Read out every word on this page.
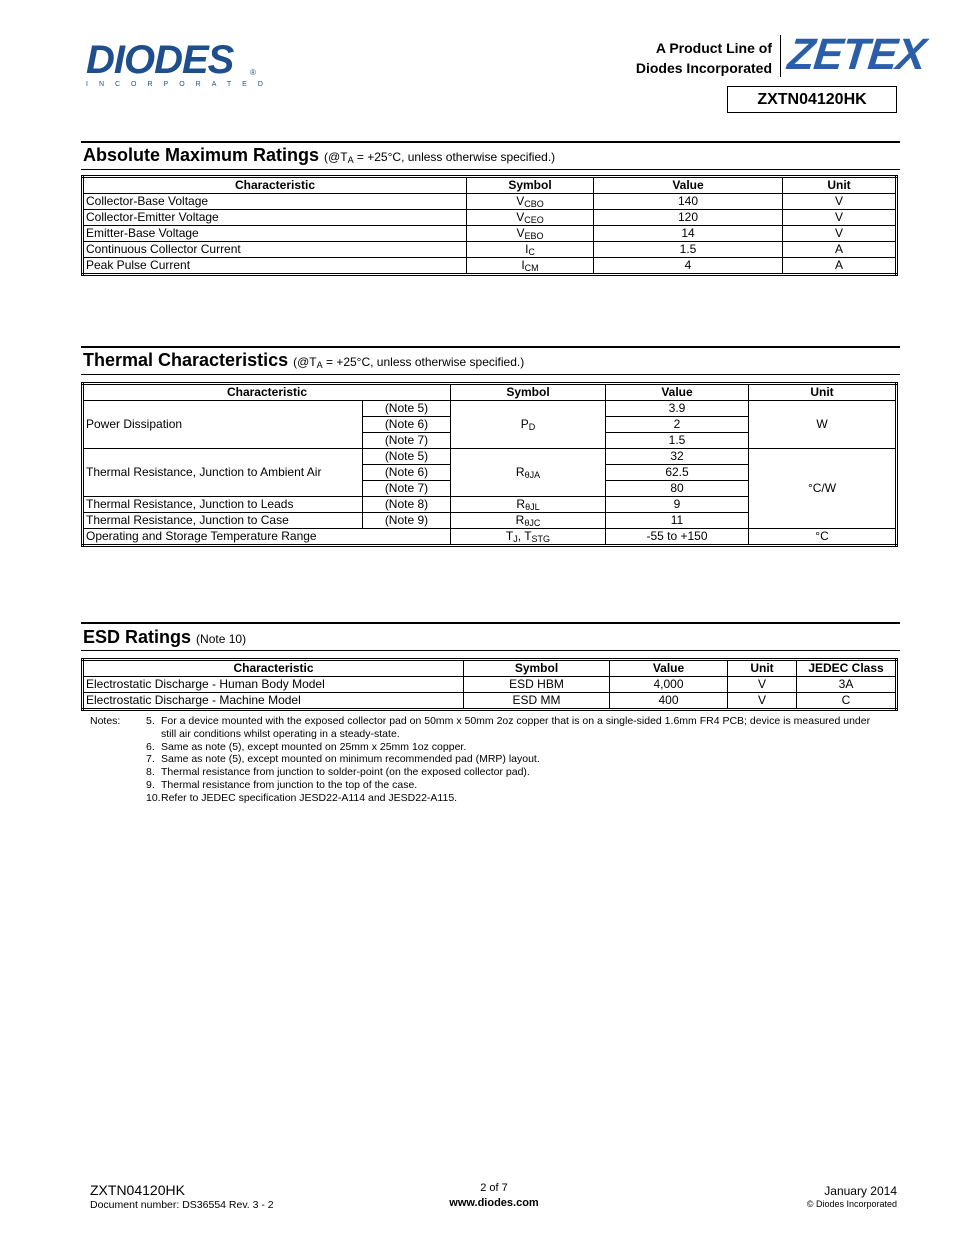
DIODES
INCORPORATED
®
A Product Line of
Diodes Incorporated ZETEX
ZXTN04120HK
Absolute Maximum Ratings ($@T_A = +25^\circ C$, unless otherwise specified.)
Characteristic	Symbol	Value	Unit
Collector-Base Voltage	$V_{CBO}$	140	V
Collector-Emitter Voltage	$V_{CEO}$	120	V
Emitter-Base Voltage	$V_{EBO}$	14	V
Continuous Collector Current	$I_C$	1.5	A
Peak Pulse Current	$I_{CM}$	4	A
Thermal Characteristics ($@T_A = +25^\circ C$, unless otherwise specified.)
Characteristic		Symbol	Value	Unit
Power Dissipation	(Note 5)	$P_D$	3.9	W
	(Note 6)		2	
	(Note 7)		1.5	
Thermal Resistance, Junction to Ambient Air	(Note 5)	$R_{\theta JA}$	32	°C/W
	(Note 6)		62.5	
	(Note 7)		80	
Thermal Resistance, Junction to Leads	(Note 8)	$R_{\theta JL}$	9	
Thermal Resistance, Junction to Case	(Note 9)	$R_{\theta JC}$	11	
Operating and Storage Temperature Range		$T_J$, $T_{STG}$	-55 to +150	°C
ESD Ratings (Note 10)
Characteristic	Symbol	Value	Unit	JEDEC Class
Electrostatic Discharge - Human Body Model	ESD HBM	4,000	V	3A
Electrostatic Discharge - Machine Model	ESD MM	400	V	C
Notes: 5. For a device mounted with the exposed collector pad on 50mm x 50mm 2oz copper that is on a single-sided 1.6mm FR4 PCB; device is measured under still air conditions whilst operating in a steady-state.
6. Same as note (5), except mounted on 25mm x 25mm 1oz copper.
7. Same as note (5), except mounted on minimum recommended pad (MRP) layout.
8. Thermal resistance from junction to solder-point (on the exposed collector pad).
9. Thermal resistance from junction to the top of the case.
10. Refer to JEDEC specification JESD22-A114 and JESD22-A115.
ZXTN04120HK
Document number: DS36554 Rev. 3 - 2
2 of 7
www.diodes.com
January 2014
© Diodes Incorporated
